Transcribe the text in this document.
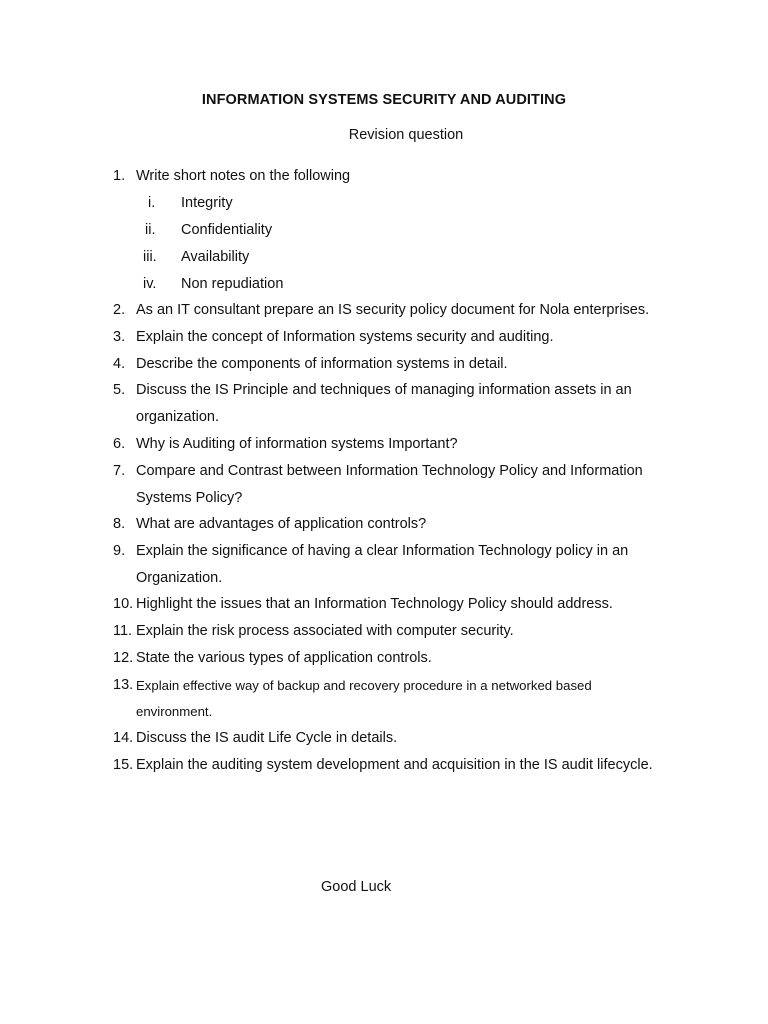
INFORMATION SYSTEMS SECURITY AND AUDITING
Revision question
1. Write short notes on the following
i. Integrity
ii. Confidentiality
iii. Availability
iv. Non repudiation
2. As an IT consultant prepare an IS security policy document for Nola enterprises.
3. Explain the concept of Information systems security and auditing.
4. Describe the components of information systems in detail.
5. Discuss the IS Principle and techniques of managing information assets in an
organization.
6. Why is Auditing of information systems Important?
7. Compare and Contrast between Information Technology Policy and Information
Systems Policy?
8. What are advantages of application controls?
9. Explain the significance of having a clear Information Technology policy in an
Organization.
10. Highlight the issues that an Information Technology Policy should address.
11. Explain the risk process associated with computer security.
12. State the various types of application controls.
13. Explain effective way of backup and recovery procedure in a networked based
environment.
14. Discuss the IS audit Life Cycle in details.
15. Explain the auditing system development and acquisition in the IS audit lifecycle.
Good Luck
